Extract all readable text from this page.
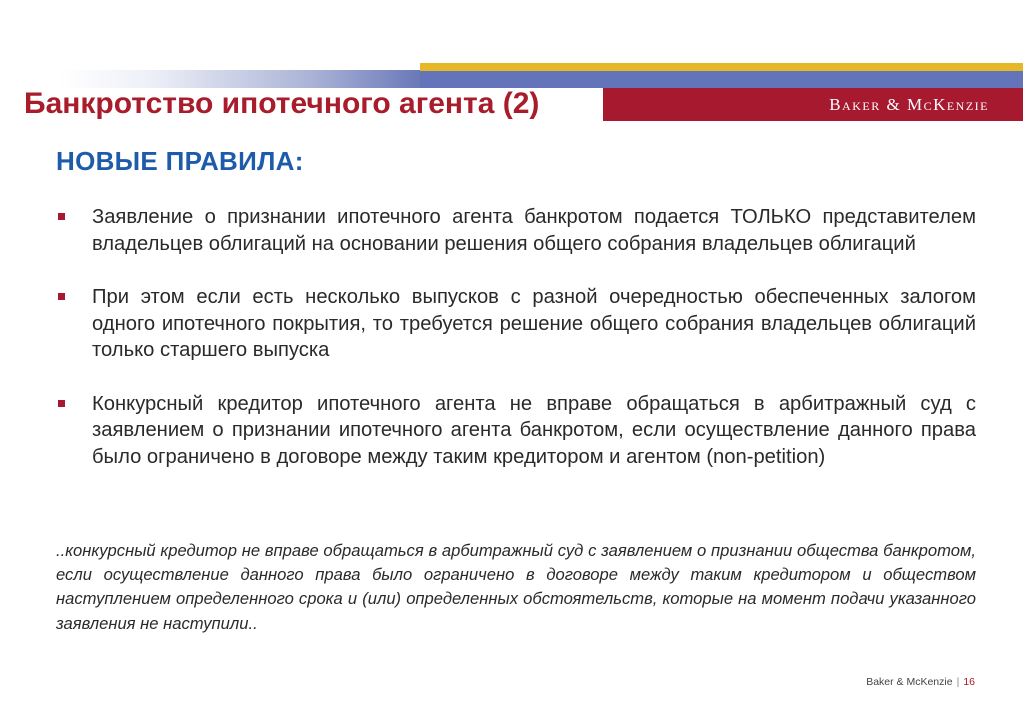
Банкротство ипотечного агента (2)	Baker & McKenzie
НОВЫЕ ПРАВИЛА:
Заявление о признании ипотечного агента банкротом подается ТОЛЬКО представителем владельцев облигаций на основании решения общего собрания владельцев облигаций
При этом если есть несколько выпусков с разной очередностью обеспеченных залогом одного ипотечного покрытия, то требуется решение общего собрания владельцев облигаций только старшего выпуска
Конкурсный кредитор ипотечного агента не вправе обращаться в арбитражный суд с заявлением о признании ипотечного агента банкротом, если осуществление данного права было ограничено в договоре между таким кредитором и агентом (non-petition)

..конкурсный кредитор не вправе обращаться в арбитражный суд с заявлением о признании общества банкротом, если осуществление данного права было ограничено в договоре между таким кредитором и обществом наступлением определенного срока и (или) определенных обстоятельств, которые на момент подачи указанного заявления не наступили..

Baker & McKenzie | 16
